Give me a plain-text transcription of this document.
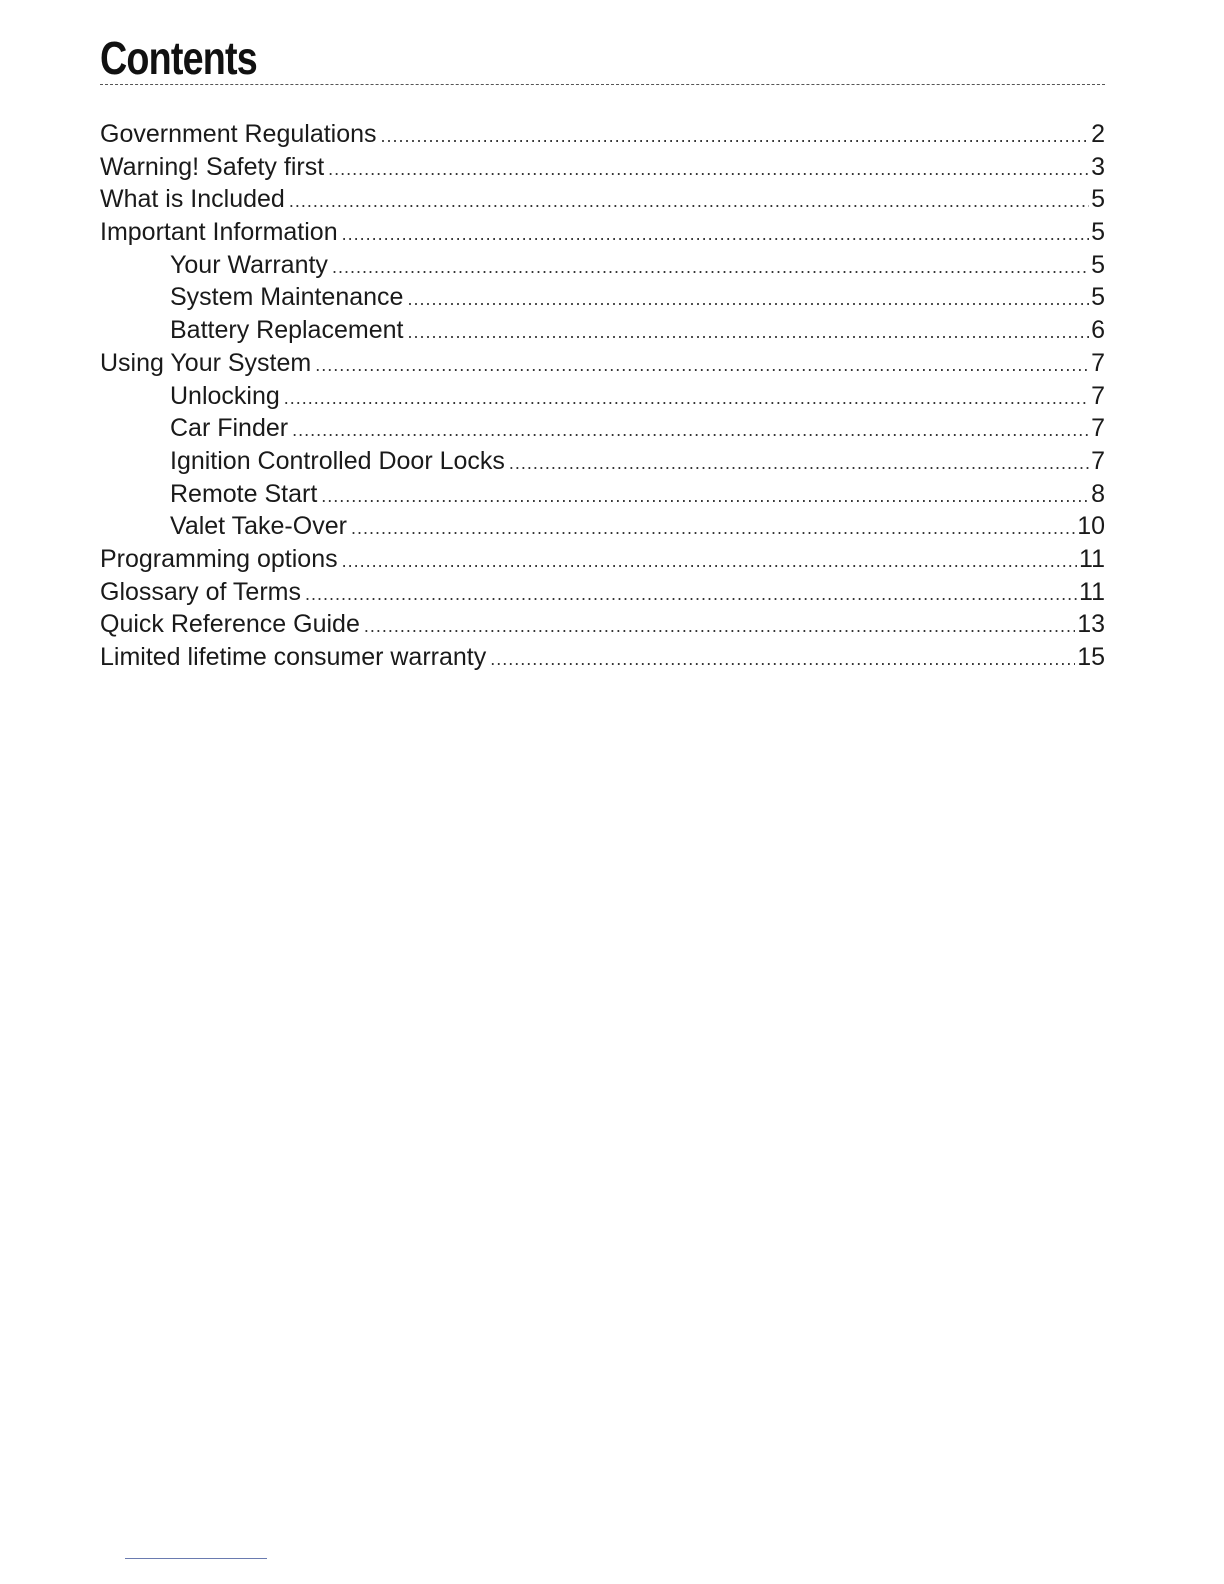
Contents
Government Regulations .....	2
Warning! Safety first .....	3
What is Included .....	5
Important Information .....	5
Your Warranty .....	5
System Maintenance .....	5
Battery Replacement .....	6
Using Your System .....	7
Unlocking .....	7
Car Finder .....	7
Ignition Controlled Door Locks .....	7
Remote Start .....	8
Valet Take-Over .....	10
Programming options .....	11
Glossary of Terms .....	11
Quick Reference Guide .....	13
Limited lifetime consumer warranty .....	15
